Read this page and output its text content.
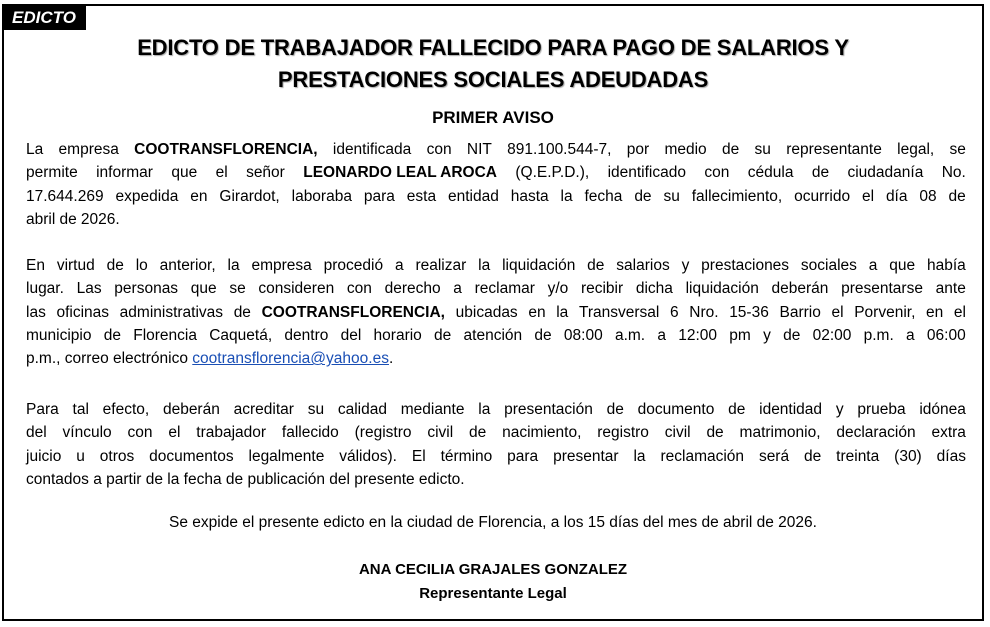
EDICTO
EDICTO DE TRABAJADOR FALLECIDO PARA PAGO DE SALARIOS Y
PRESTACIONES SOCIALES ADEUDADAS
PRIMER AVISO
La empresa COOTRANSFLORENCIA, identificada con NIT 891.100.544-7, por medio de su representante legal, se
permite informar que el señor LEONARDO LEAL AROCA (Q.E.P.D.), identificado con cédula de ciudadanía No.
17.644.269 expedida en Girardot, laboraba para esta entidad hasta la fecha de su fallecimiento, ocurrido el día 08 de
abril de 2026.
En virtud de lo anterior, la empresa procedió a realizar la liquidación de salarios y prestaciones sociales a que había
lugar. Las personas que se consideren con derecho a reclamar y/o recibir dicha liquidación deberán presentarse ante
las oficinas administrativas de COOTRANSFLORENCIA, ubicadas en la Transversal 6 Nro. 15-36 Barrio el Porvenir, en el
municipio de Florencia Caquetá, dentro del horario de atención de 08:00 a.m. a 12:00 pm y de 02:00 p.m. a 06:00
p.m., correo electrónico cootransflorencia@yahoo.es .
Para tal efecto, deberán acreditar su calidad mediante la presentación de documento de identidad y prueba idónea
del vínculo con el trabajador fallecido (registro civil de nacimiento, registro civil de matrimonio, declaración extra
juicio u otros documentos legalmente válidos). El término para presentar la reclamación será de treinta (30) días
contados a partir de la fecha de publicación del presente edicto.
Se expide el presente edicto en la ciudad de Florencia, a los 15 días del mes de abril de 2026.
ANA CECILIA GRAJALES GONZALEZ
Representante Legal
